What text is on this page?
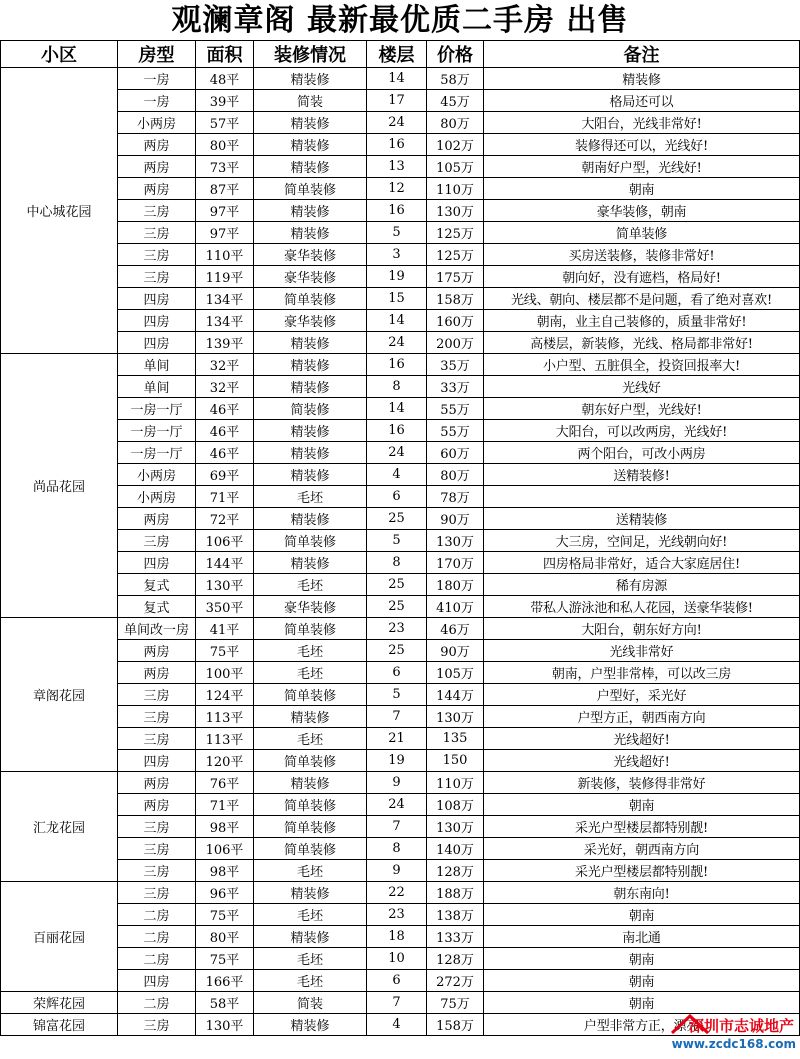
观澜章阁 最新最优质二手房 出售
小区	房型	面积	装修情况	楼层	价格	备注
中心城花园	一房	48平	精装修	14	58万	精装修
	一房	39平	简装	17	45万	格局还可以
	小两房	57平	精装修	24	80万	大阳台，光线非常好!
	两房	80平	精装修	16	102万	装修得还可以，光线好!
	两房	73平	精装修	13	105万	朝南好户型，光线好!
	两房	87平	简单装修	12	110万	朝南
	三房	97平	精装修	16	130万	豪华装修，朝南
	三房	97平	精装修	5	125万	简单装修
	三房	110平	豪华装修	3	125万	买房送装修，装修非常好!
	三房	119平	豪华装修	19	175万	朝向好，没有遮档，格局好!
	四房	134平	简单装修	15	158万	光线、朝向、楼层都不是问题，看了绝对喜欢!
	四房	134平	豪华装修	14	160万	朝南，业主自己装修的，质量非常好!
	四房	139平	精装修	24	200万	高楼层，新装修，光线、格局都非常好!
尚品花园	单间	32平	精装修	16	35万	小户型、五脏俱全，投资回报率大!
	单间	32平	精装修	8	33万	光线好
	一房一厅	46平	简装修	14	55万	朝东好户型，光线好!
	一房一厅	46平	精装修	16	55万	大阳台，可以改两房，光线好!
	一房一厅	46平	精装修	24	60万	两个阳台，可改小两房
	小两房	69平	精装修	4	80万	送精装修!
	小两房	71平	毛坯	6	78万	
	两房	72平	精装修	25	90万	送精装修
	三房	106平	简单装修	5	130万	大三房，空间足，光线朝向好!
	四房	144平	精装修	8	170万	四房格局非常好，适合大家庭居住!
	复式	130平	毛坯	25	180万	稀有房源
	复式	350平	豪华装修	25	410万	带私人游泳池和私人花园，送豪华装修!
章阁花园	单间改一房	41平	简单装修	23	46万	大阳台，朝东好方向!
	两房	75平	毛坯	25	90万	光线非常好
	两房	100平	毛坯	6	105万	朝南，户型非常棒，可以改三房
	三房	124平	简单装修	5	144万	户型好，采光好
	三房	113平	精装修	7	130万	户型方正，朝西南方向
	三房	113平	毛坯	21	135	光线超好!
	四房	120平	简单装修	19	150	光线超好!
汇龙花园	两房	76平	精装修	9	110万	新装修，装修得非常好
	两房	71平	简单装修	24	108万	朝南
	三房	98平	简单装修	7	130万	采光户型楼层都特别靓!
	三房	106平	简单装修	8	140万	采光好，朝西南方向
	三房	98平	毛坯	9	128万	采光户型楼层都特别靓!
百丽花园	三房	96平	精装修	22	188万	朝东南向!
	二房	75平	毛坯	23	138万	朝南
	二房	80平	精装修	18	133万	南北通
	二房	75平	毛坯	10	128万	朝南
	四房	166平	毛坯	6	272万	朝南
荣辉花园	二房	58平	简装	7	75万	朝南
锦富花园	三房	130平	精装修	4	158万	户型非常方正，漂亮
深圳市志诚地产
www.zcdc168.com
